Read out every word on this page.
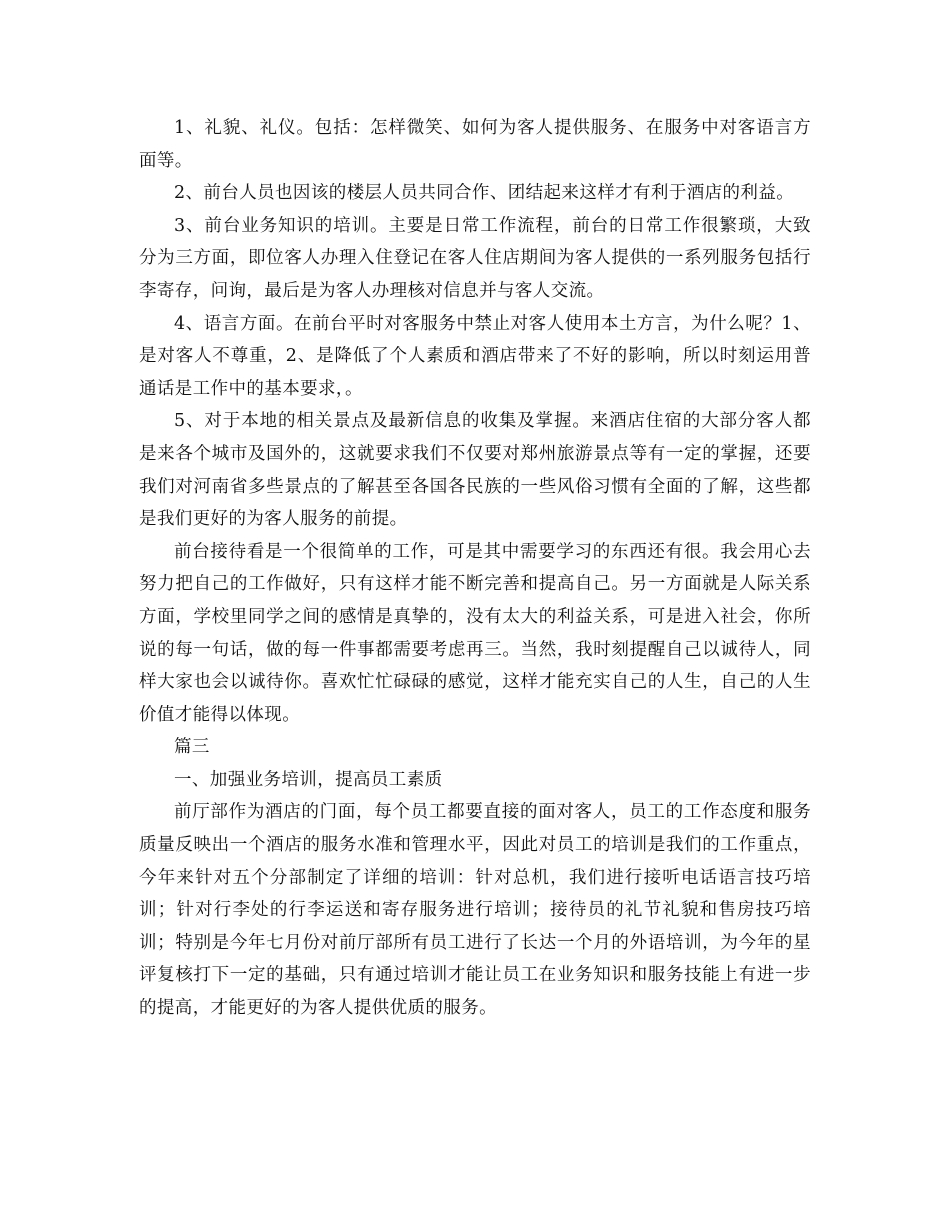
1、礼貌、礼仪。包括：怎样微笑、如何为客人提供服务、在服务中对客语言方面等。

2、前台人员也因该的楼层人员共同合作、团结起来这样才有利于酒店的利益。

3、前台业务知识的培训。主要是日常工作流程，前台的日常工作很繁琐，大致分为三方面，即位客人办理入住登记在客人住店期间为客人提供的一系列服务包括行李寄存，问询，最后是为客人办理核对信息并与客人交流。

4、语言方面。在前台平时对客服务中禁止对客人使用本土方言，为什么呢？1、是对客人不尊重，2、是降低了个人素质和酒店带来了不好的影响，所以时刻运用普通话是工作中的基本要求，。

5、对于本地的相关景点及最新信息的收集及掌握。来酒店住宿的大部分客人都是来各个城市及国外的，这就要求我们不仅要对郑州旅游景点等有一定的掌握，还要我们对河南省多些景点的了解甚至各国各民族的一些风俗习惯有全面的了解，这些都是我们更好的为客人服务的前提。

前台接待看是一个很简单的工作，可是其中需要学习的东西还有很。我会用心去努力把自己的工作做好，只有这样才能不断完善和提高自己。另一方面就是人际关系方面，学校里同学之间的感情是真挚的，没有太大的利益关系，可是进入社会，你所说的每一句话，做的每一件事都需要考虑再三。当然，我时刻提醒自己以诚待人，同样大家也会以诚待你。喜欢忙忙碌碌的感觉，这样才能充实自己的人生，自己的人生价值才能得以体现。

篇三

一、加强业务培训，提高员工素质

前厅部作为酒店的门面，每个员工都要直接的面对客人，员工的工作态度和服务质量反映出一个酒店的服务水准和管理水平，因此对员工的培训是我们的工作重点，今年来针对五个分部制定了详细的培训：针对总机，我们进行接听电话语言技巧培训；针对行李处的行李运送和寄存服务进行培训；接待员的礼节礼貌和售房技巧培训；特别是今年七月份对前厅部所有员工进行了长达一个月的外语培训，为今年的星评复核打下一定的基础，只有通过培训才能让员工在业务知识和服务技能上有进一步的提高，才能更好的为客人提供优质的服务。
